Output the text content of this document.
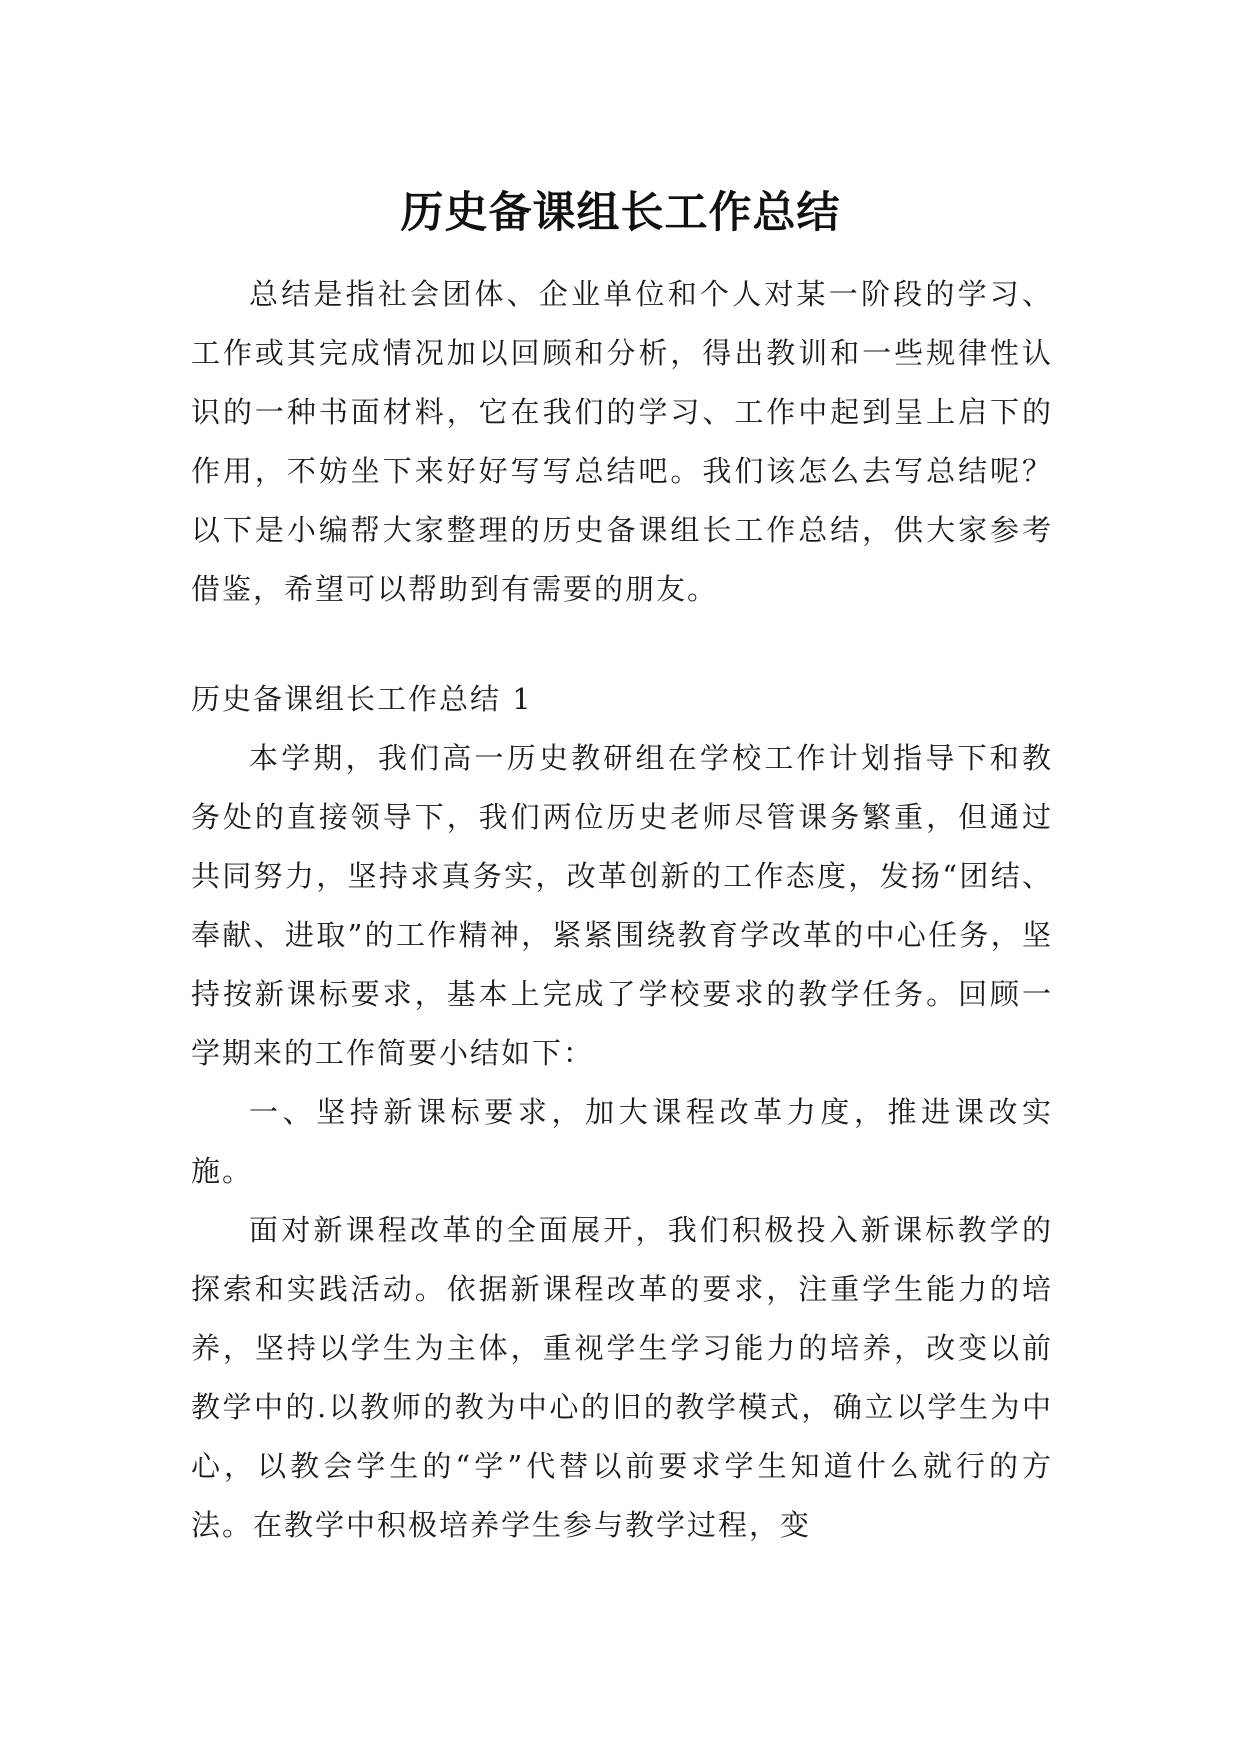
历史备课组长工作总结

总结是指社会团体、企业单位和个人对某一阶段的学习、工作或其完成情况加以回顾和分析，得出教训和一些规律性认识的一种书面材料，它在我们的学习、工作中起到呈上启下的作用，不妨坐下来好好写写总结吧。我们该怎么去写总结呢？以下是小编帮大家整理的历史备课组长工作总结，供大家参考借鉴，希望可以帮助到有需要的朋友。

历史备课组长工作总结 1

本学期，我们高一历史教研组在学校工作计划指导下和教务处的直接领导下，我们两位历史老师尽管课务繁重，但通过共同努力，坚持求真务实，改革创新的工作态度，发扬“团结、奉献、进取”的工作精神，紧紧围绕教育学改革的中心任务，坚持按新课标要求，基本上完成了学校要求的教学任务。回顾一学期来的工作简要小结如下：

一、坚持新课标要求，加大课程改革力度，推进课改实施。

面对新课程改革的全面展开，我们积极投入新课标教学的探索和实践活动。依据新课程改革的要求，注重学生能力的培养，坚持以学生为主体，重视学生学习能力的培养，改变以前教学中的.以教师的教为中心的旧的教学模式，确立以学生为中心，以教会学生的“学”代替以前要求学生知道什么就行的方法。在教学中积极培养学生参与教学过程，变
